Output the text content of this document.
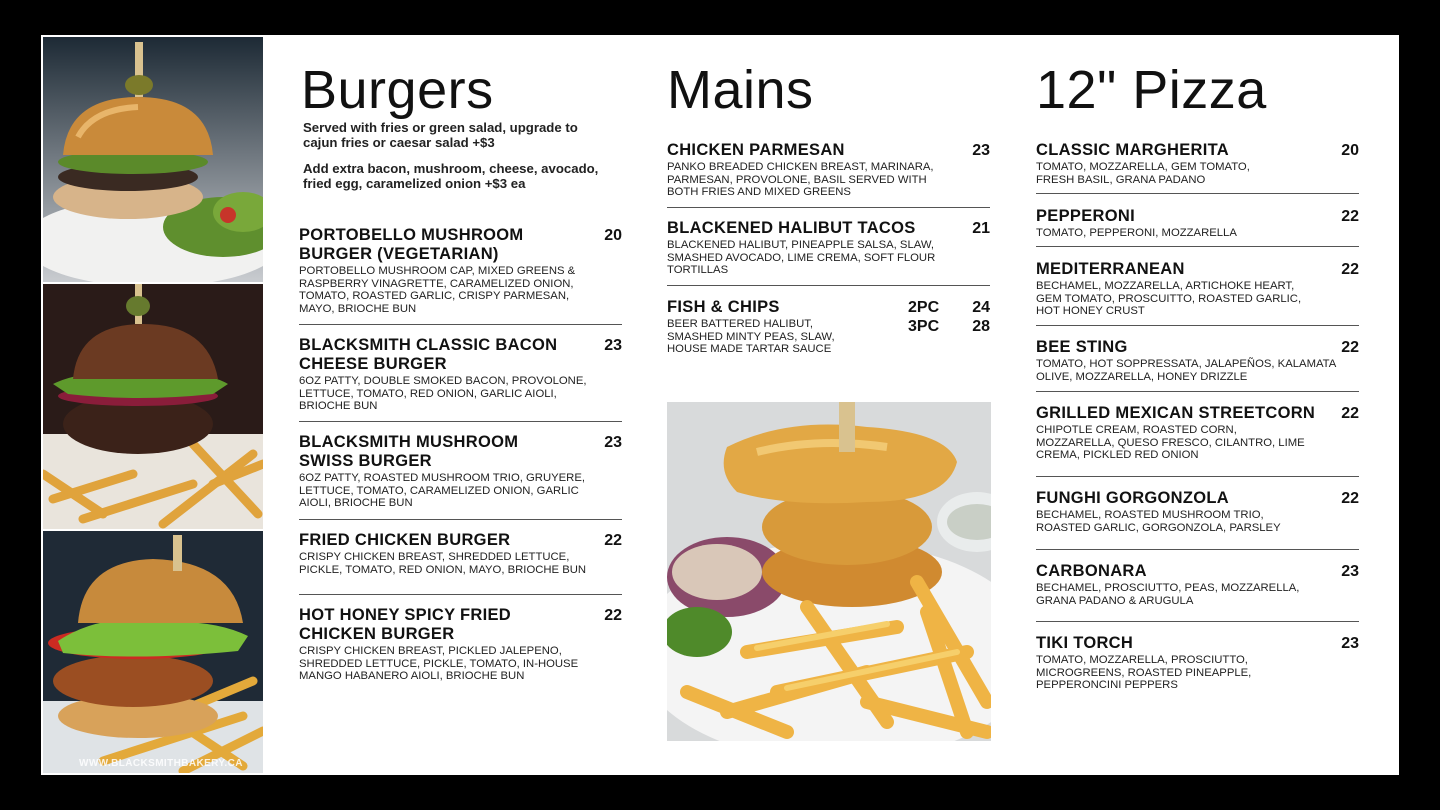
WWW.BLACKSMITHBAKERY.CA
Burgers
Served with fries or green salad, upgrade to cajun fries or caesar salad +$3
Add extra bacon, mushroom, cheese, avocado, fried egg, caramelized onion +$3 ea
PORTOBELLO MUSHROOM BURGER (VEGETARIAN)
20
PORTOBELLO MUSHROOM CAP, MIXED GREENS & RASPBERRY VINAGRETTE, CARAMELIZED ONION, TOMATO, ROASTED GARLIC, CRISPY PARMESAN, MAYO, BRIOCHE BUN
BLACKSMITH CLASSIC BACON CHEESE BURGER
23
6OZ PATTY, DOUBLE SMOKED BACON, PROVOLONE, LETTUCE, TOMATO, RED ONION, GARLIC AIOLI, BRIOCHE BUN
BLACKSMITH MUSHROOM SWISS BURGER
23
6OZ PATTY, ROASTED MUSHROOM TRIO, GRUYERE, LETTUCE, TOMATO, CARAMELIZED ONION, GARLIC AIOLI, BRIOCHE BUN
FRIED CHICKEN BURGER	22
CRISPY CHICKEN BREAST, SHREDDED LETTUCE, PICKLE, TOMATO, RED ONION, MAYO, BRIOCHE BUN
HOT HONEY SPICY FRIED CHICKEN BURGER
22
CRISPY CHICKEN BREAST, PICKLED JALEPENO, SHREDDED LETTUCE, PICKLE, TOMATO, IN-HOUSE MANGO HABANERO AIOLI, BRIOCHE BUN
Mains
CHICKEN PARMESAN	23
PANKO BREADED CHICKEN BREAST, MARINARA, PARMESAN, PROVOLONE, BASIL SERVED WITH BOTH FRIES AND MIXED GREENS
BLACKENED HALIBUT TACOS	21
BLACKENED HALIBUT, PINEAPPLE SALSA, SLAW, SMASHED AVOCADO, LIME CREMA, SOFT FLOUR TORTILLAS
FISH & CHIPS	2PC 24
3PC 28
BEER BATTERED HALIBUT, SMASHED MINTY PEAS, SLAW, HOUSE MADE TARTAR SAUCE
12" Pizza
CLASSIC MARGHERITA	20
TOMATO, MOZZARELLA, GEM TOMATO, FRESH BASIL, GRANA PADANO
PEPPERONI	22
TOMATO, PEPPERONI, MOZZARELLA
MEDITERRANEAN	22
BECHAMEL, MOZZARELLA, ARTICHOKE HEART, GEM TOMATO, PROSCUITTO, ROASTED GARLIC, HOT HONEY CRUST
BEE STING	22
TOMATO, HOT SOPPRESSATA, JALAPEÑOS, KALAMATA OLIVE, MOZZARELLA, HONEY DRIZZLE
GRILLED MEXICAN STREETCORN	22
CHIPOTLE CREAM, ROASTED CORN, MOZZARELLA, QUESO FRESCO, CILANTRO, LIME CREMA, PICKLED RED ONION
FUNGHI GORGONZOLA	22
BECHAMEL, ROASTED MUSHROOM TRIO, ROASTED GARLIC, GORGONZOLA, PARSLEY
CARBONARA	23
BECHAMEL, PROSCIUTTO, PEAS, MOZZARELLA, GRANA PADANO & ARUGULA
TIKI TORCH	23
TOMATO, MOZZARELLA, PROSCIUTTO, MICROGREENS, ROASTED PINEAPPLE, PEPPERONCINI PEPPERS
